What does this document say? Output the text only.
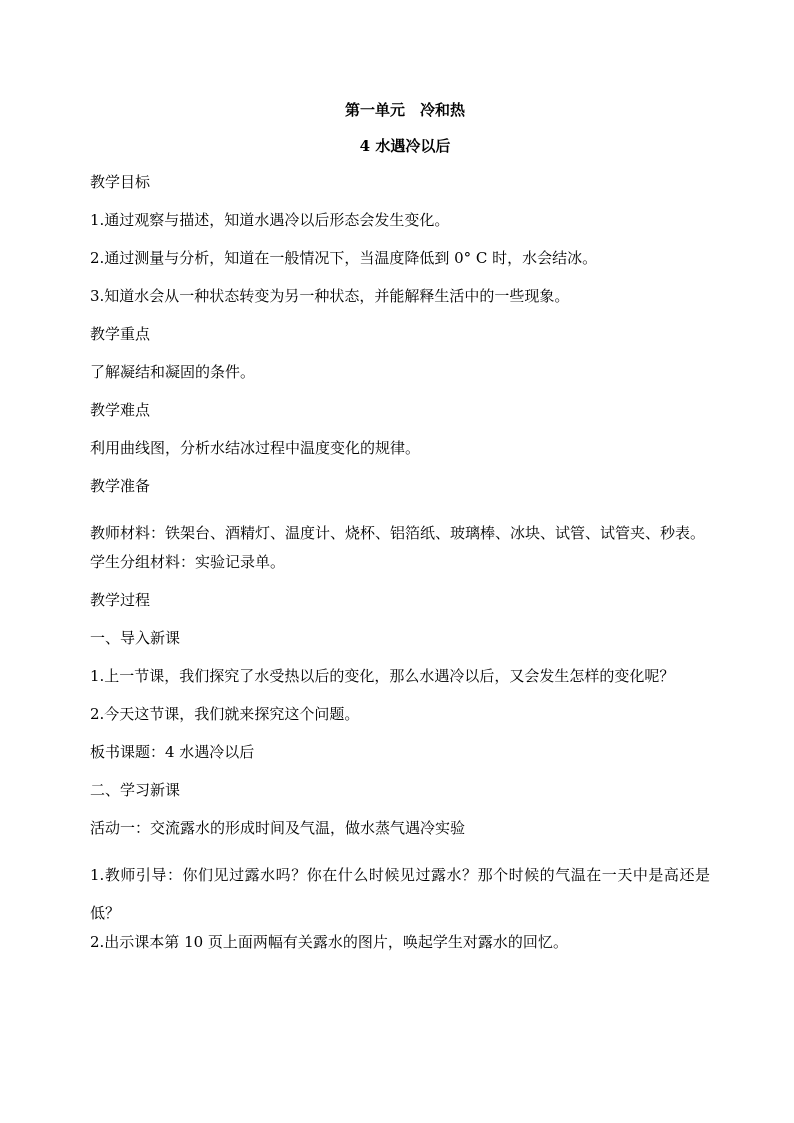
第一单元　冷和热

4 水遇冷以后

教学目标

1.通过观察与描述，知道水遇冷以后形态会发生变化。

2.通过测量与分析，知道在一般情况下，当温度降低到 0° C 时，水会结冰。

3.知道水会从一种状态转变为另一种状态，并能解释生活中的一些现象。

教学重点

了解凝结和凝固的条件。

教学难点

利用曲线图，分析水结冰过程中温度变化的规律。

教学准备

教师材料：铁架台、酒精灯、温度计、烧杯、铝箔纸、玻璃棒、冰块、试管、试管夹、秒表。

学生分组材料：实验记录单。

教学过程

一、导入新课

1.上一节课，我们探究了水受热以后的变化，那么水遇冷以后，又会发生怎样的变化呢？

2.今天这节课，我们就来探究这个问题。

板书课题：4 水遇冷以后

二、学习新课

活动一：交流露水的形成时间及气温，做水蒸气遇冷实验

1.教师引导：你们见过露水吗？你在什么时候见过露水？那个时候的气温在一天中是高还是低？

2.出示课本第 10 页上面两幅有关露水的图片，唤起学生对露水的回忆。
